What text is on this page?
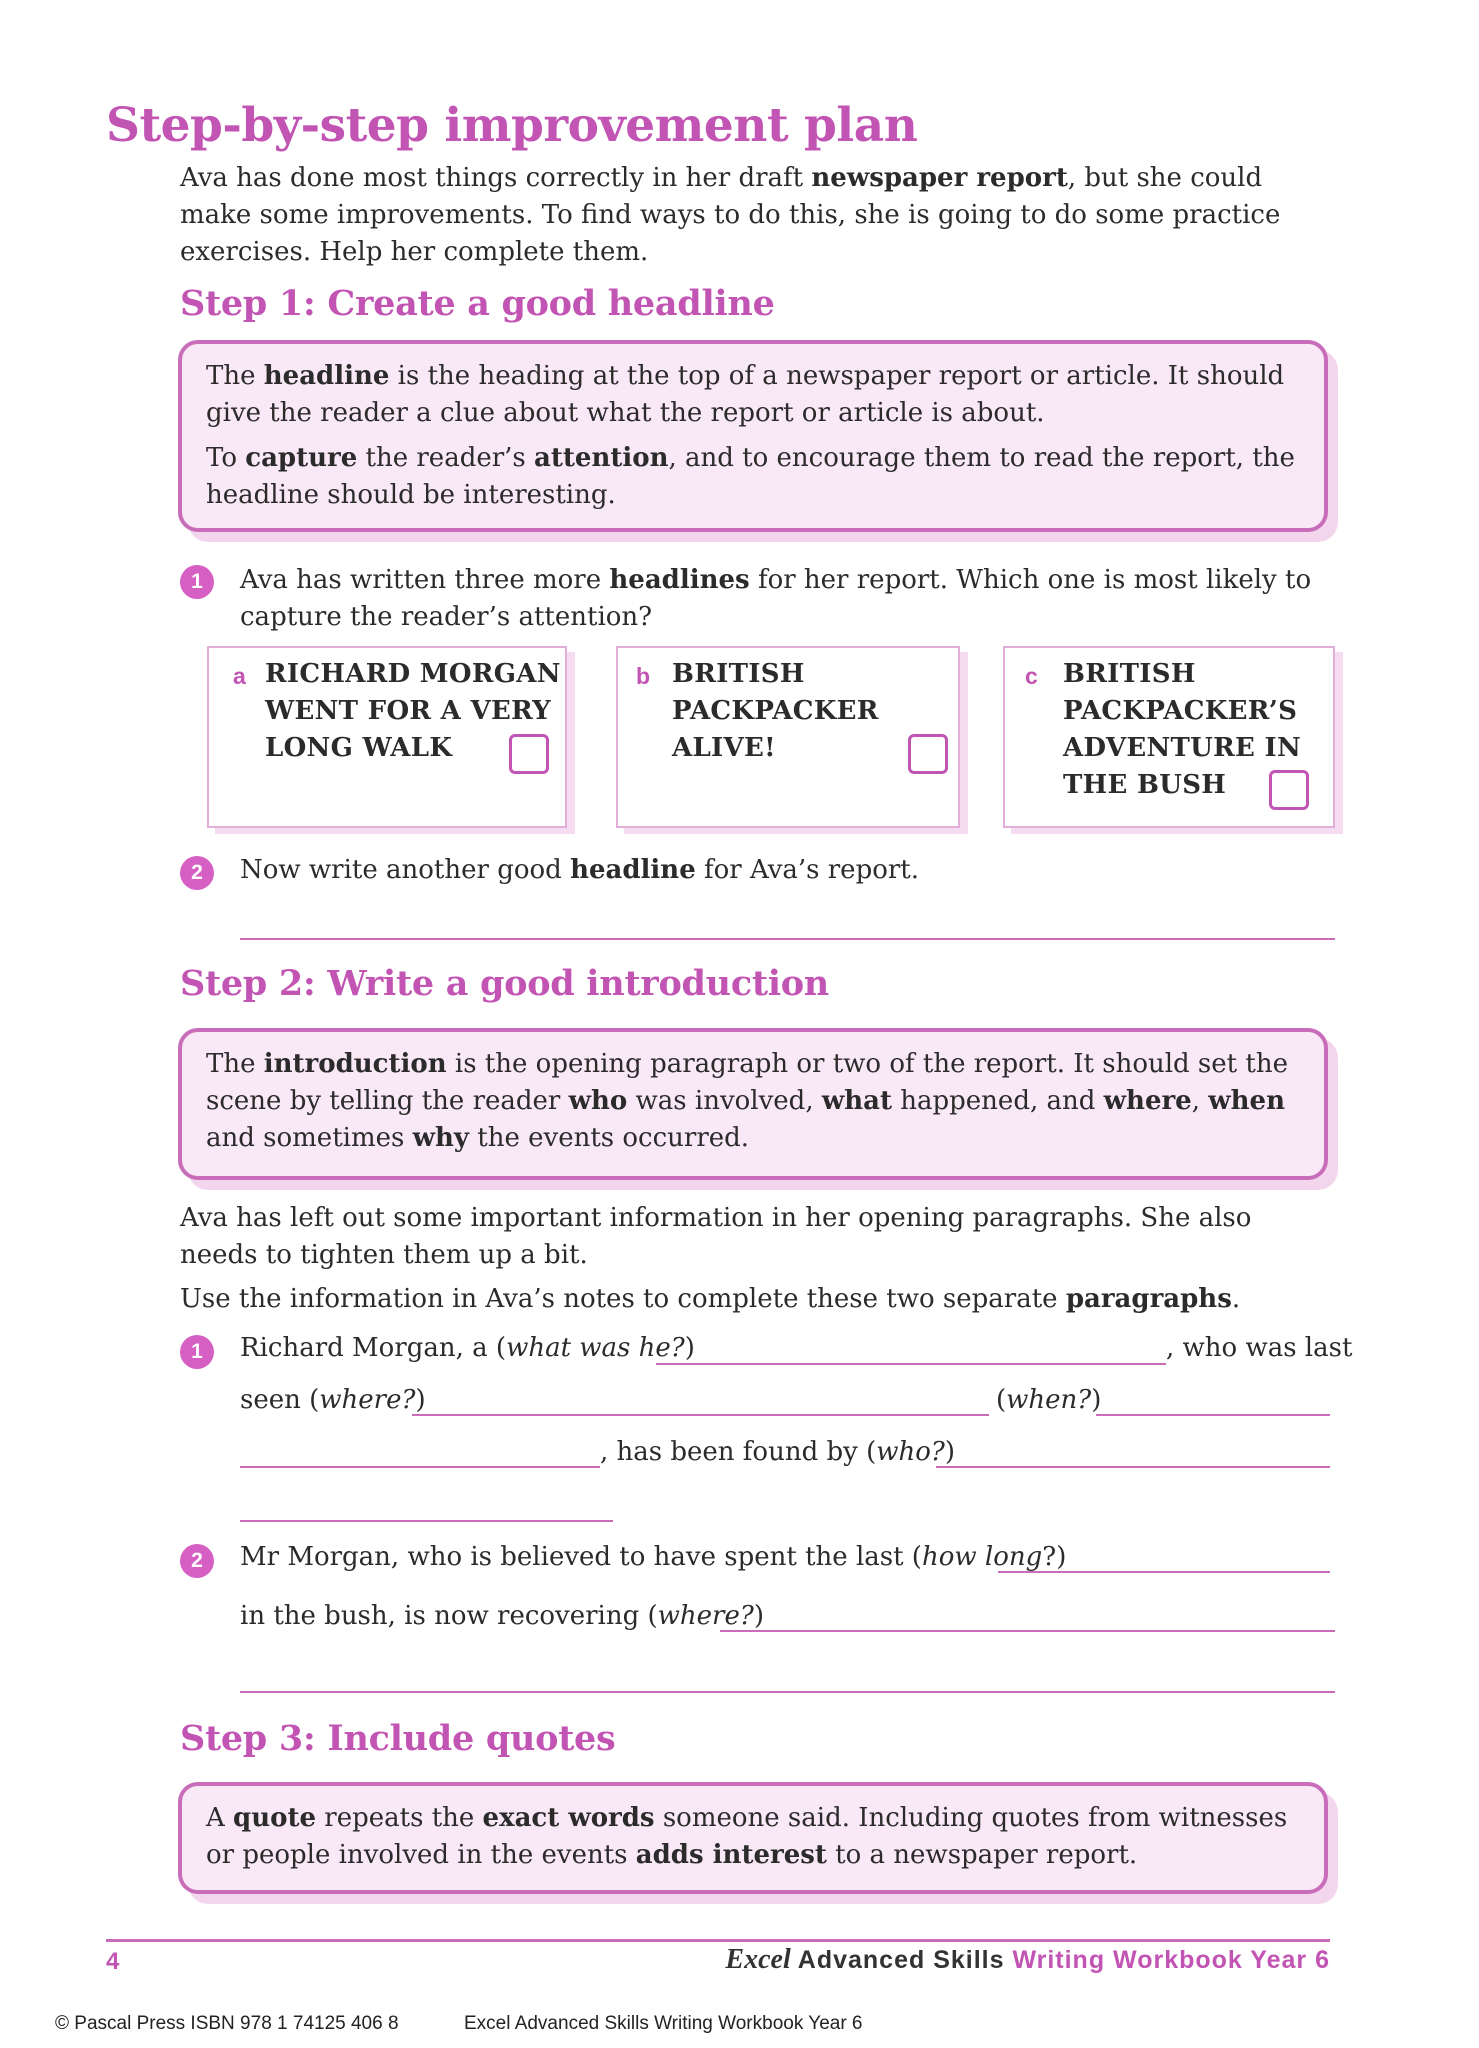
Step-by-step improvement plan
Ava has done most things correctly in her draft newspaper report, but she could make some improvements. To find ways to do this, she is going to do some practice exercises. Help her complete them.
Step 1: Create a good headline

The headline is the heading at the top of a newspaper report or article. It should give the reader a clue about what the report or article is about.

To capture the reader’s attention, and to encourage them to read the report, the headline should be interesting.

1	Ava has written three more headlines for her report. Which one is most likely to capture the reader’s attention?
a RICHARD MORGAN
WENT FOR A VERY
LONG WALK
b BRITISH
PACKPACKER
ALIVE!
c BRITISH
PACKPACKER’S
ADVENTURE IN
THE BUSH
2	Now write another good headline for Ava’s report.
Step 2: Write a good introduction

The introduction is the opening paragraph or two of the report. It should set the scene by telling the reader who was involved, what happened, and where, when and sometimes why the events occurred.

Ava has left out some important information in her opening paragraphs. She also needs to tighten them up a bit.
Use the information in Ava’s notes to complete these two separate paragraphs.
1	Richard Morgan, a (what was he?)	, who was last
seen (where?)	(when?)
, has been found by (who?)
2	Mr Morgan, who is believed to have spent the last (how long?)
in the bush, is now recovering (where?)
Step 3: Include quotes

A quote repeats the exact words someone said. Including quotes from witnesses or people involved in the events adds interest to a newspaper report.

4	Excel Advanced Skills Writing Workbook Year 6
© Pascal Press ISBN 978 1 74125 406 8	Excel Advanced Skills Writing Workbook Year 6
